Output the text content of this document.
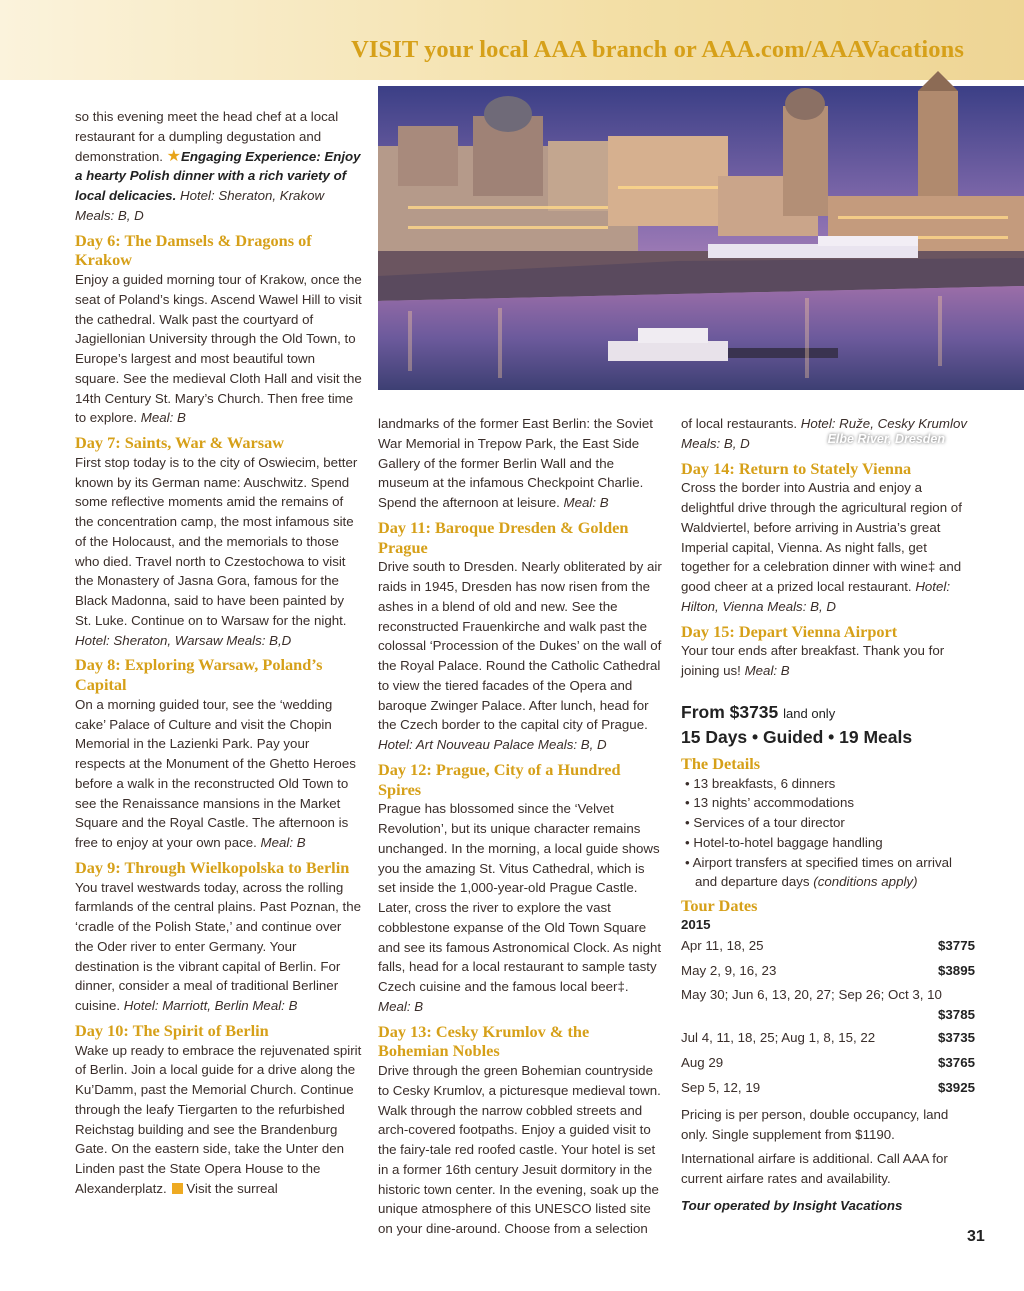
VISIT your local AAA branch or AAA.com/AAAVacations

so this evening meet the head chef at a local restaurant for a dumpling degustation and demonstration. ★Engaging Experience: Enjoy a hearty Polish dinner with a rich variety of local delicacies. Hotel: Sheraton, Krakow Meals: B, D

Day 6: The Damsels & Dragons of Krakow

Enjoy a guided morning tour of Krakow, once the seat of Poland’s kings. Ascend Wawel Hill to visit the cathedral. Walk past the courtyard of Jagiellonian University through the Old Town, to Europe’s largest and most beautiful town square. See the medieval Cloth Hall and visit the 14th Century St. Mary’s Church. Then free time to explore. Meal: B

Day 7: Saints, War & Warsaw

First stop today is to the city of Oswiecim, better known by its German name: Auschwitz. Spend some reflective moments amid the remains of the concentration camp, the most infamous site of the Holocaust, and the memorials to those who died. Travel north to Czestochowa to visit the Monastery of Jasna Gora, famous for the Black Madonna, said to have been painted by St. Luke. Continue on to Warsaw for the night. Hotel: Sheraton, Warsaw Meals: B,D

Day 8: Exploring Warsaw, Poland’s Capital

On a morning guided tour, see the ‘wedding cake’ Palace of Culture and visit the Chopin Memorial in the Lazienki Park. Pay your respects at the Monument of the Ghetto Heroes before a walk in the reconstructed Old Town to see the Renaissance mansions in the Market Square and the Royal Castle. The afternoon is free to enjoy at your own pace. Meal: B

Day 9: Through Wielkopolska to Berlin

You travel westwards today, across the rolling farmlands of the central plains. Past Poznan, the ‘cradle of the Polish State,’ and continue over the Oder river to enter Germany. Your destination is the vibrant capital of Berlin. For dinner, consider a meal of traditional Berliner cuisine. Hotel: Marriott, Berlin Meal: B

Day 10: The Spirit of Berlin

Wake up ready to embrace the rejuvenated spirit of Berlin. Join a local guide for a drive along the Ku’Damm, past the Memorial Church. Continue through the leafy Tiergarten to the refurbished Reichstag building and see the Brandenburg Gate. On the eastern side, take the Unter den Linden past the State Opera House to the Alexanderplatz. Visit the surreal

Elbe River, Dresden

landmarks of the former East Berlin: the Soviet War Memorial in Trepow Park, the East Side Gallery of the former Berlin Wall and the museum at the infamous Checkpoint Charlie. Spend the afternoon at leisure. Meal: B

Day 11: Baroque Dresden & Golden Prague

Drive south to Dresden. Nearly obliterated by air raids in 1945, Dresden has now risen from the ashes in a blend of old and new. See the reconstructed Frauenkirche and walk past the colossal ‘Procession of the Dukes’ on the wall of the Royal Palace. Round the Catholic Cathedral to view the tiered facades of the Opera and baroque Zwinger Palace. After lunch, head for the Czech border to the capital city of Prague. Hotel: Art Nouveau Palace Meals: B, D

Day 12: Prague, City of a Hundred Spires

Prague has blossomed since the ‘Velvet Revolution’, but its unique character remains unchanged. In the morning, a local guide shows you the amazing St. Vitus Cathedral, which is set inside the 1,000-year-old Prague Castle. Later, cross the river to explore the vast cobblestone expanse of the Old Town Square and see its famous Astronomical Clock. As night falls, head for a local restaurant to sample tasty Czech cuisine and the famous local beer‡. Meal: B

Day 13: Cesky Krumlov & the Bohemian Nobles

Drive through the green Bohemian countryside to Cesky Krumlov, a picturesque medieval town. Walk through the narrow cobbled streets and arch-covered footpaths. Enjoy a guided visit to the fairy-tale red roofed castle. Your hotel is set in a former 16th century Jesuit dormitory in the historic town center. In the evening, soak up the unique atmosphere of this UNESCO listed site on your dine-around. Choose from a selection

of local restaurants. Hotel: Ruže, Cesky Krumlov Meals: B, D

Day 14: Return to Stately Vienna

Cross the border into Austria and enjoy a delightful drive through the agricultural region of Waldviertel, before arriving in Austria’s great Imperial capital, Vienna. As night falls, get together for a celebration dinner with wine‡ and good cheer at a prized local restaurant. Hotel: Hilton, Vienna Meals: B, D

Day 15: Depart Vienna Airport

Your tour ends after breakfast. Thank you for joining us! Meal: B

From $3735 land only

15 Days • Guided • 19 Meals

The Details
• 13 breakfasts, 6 dinners
• 13 nights’ accommodations
• Services of a tour director
• Hotel-to-hotel baggage handling
• Airport transfers at specified times on arrival and departure days (conditions apply)
Tour Dates
2015
Apr 11, 18, 25	$3775
May 2, 9, 16, 23	$3895
May 30; Jun 6, 13, 20, 27; Sep 26; Oct 3, 10
$3785
Jul 4, 11, 18, 25; Aug 1, 8, 15, 22	$3735
Aug 29	$3765
Sep 5, 12, 19	$3925

Pricing is per person, double occupancy, land only. Single supplement from $1190.

International airfare is additional. Call AAA for current airfare rates and availability.

Tour operated by Insight Vacations

31
